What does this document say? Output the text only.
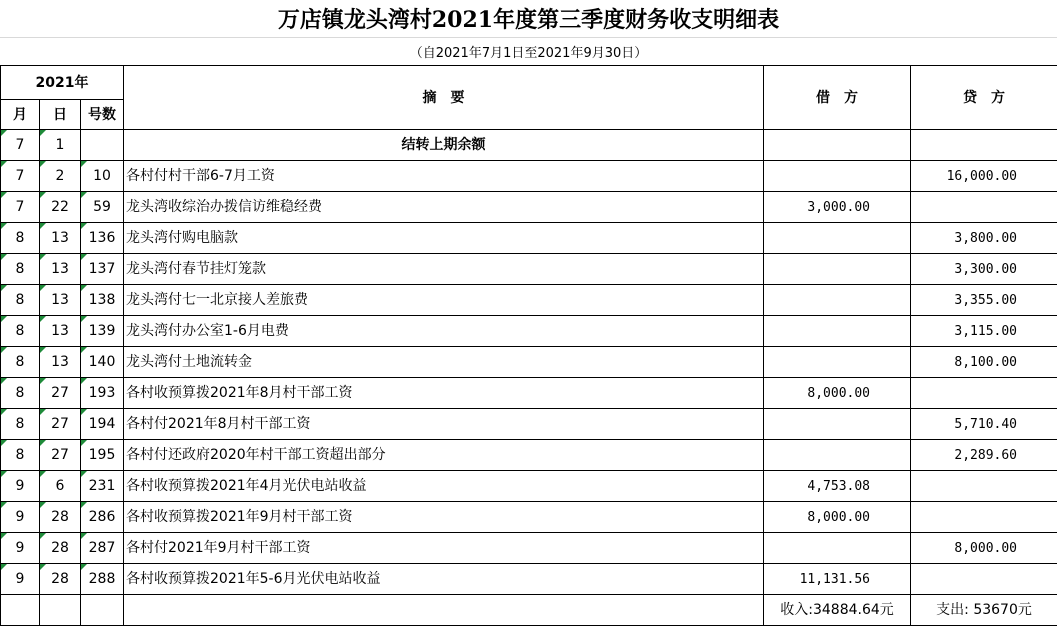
万店镇龙头湾村2021年度第三季度财务收支明细表
（自2021年7月1日至2021年9月30日）
2021年			摘　要	借　方	贷　方
月	日	号数			
7	1		结转上期余额		
7	2	10	各村付村干部6-7月工资		16,000.00
7	22	59	龙头湾收综治办拨信访维稳经费	3,000.00	
8	13	136	龙头湾付购电脑款		3,800.00
8	13	137	龙头湾付春节挂灯笼款		3,300.00
8	13	138	龙头湾付七一北京接人差旅费		3,355.00
8	13	139	龙头湾付办公室1-6月电费		3,115.00
8	13	140	龙头湾付土地流转金		8,100.00
8	27	193	各村收预算拨2021年8月村干部工资	8,000.00	
8	27	194	各村付2021年8月村干部工资		5,710.40
8	27	195	各村付还政府2020年村干部工资超出部分		2,289.60
9	6	231	各村收预算拨2021年4月光伏电站收益	4,753.08	
9	28	286	各村收预算拨2021年9月村干部工资	8,000.00	
9	28	287	各村付2021年9月村干部工资		8,000.00
9	28	288	各村收预算拨2021年5-6月光伏电站收益	11,131.56	
				收入:34884.64元	支出: 53670元
